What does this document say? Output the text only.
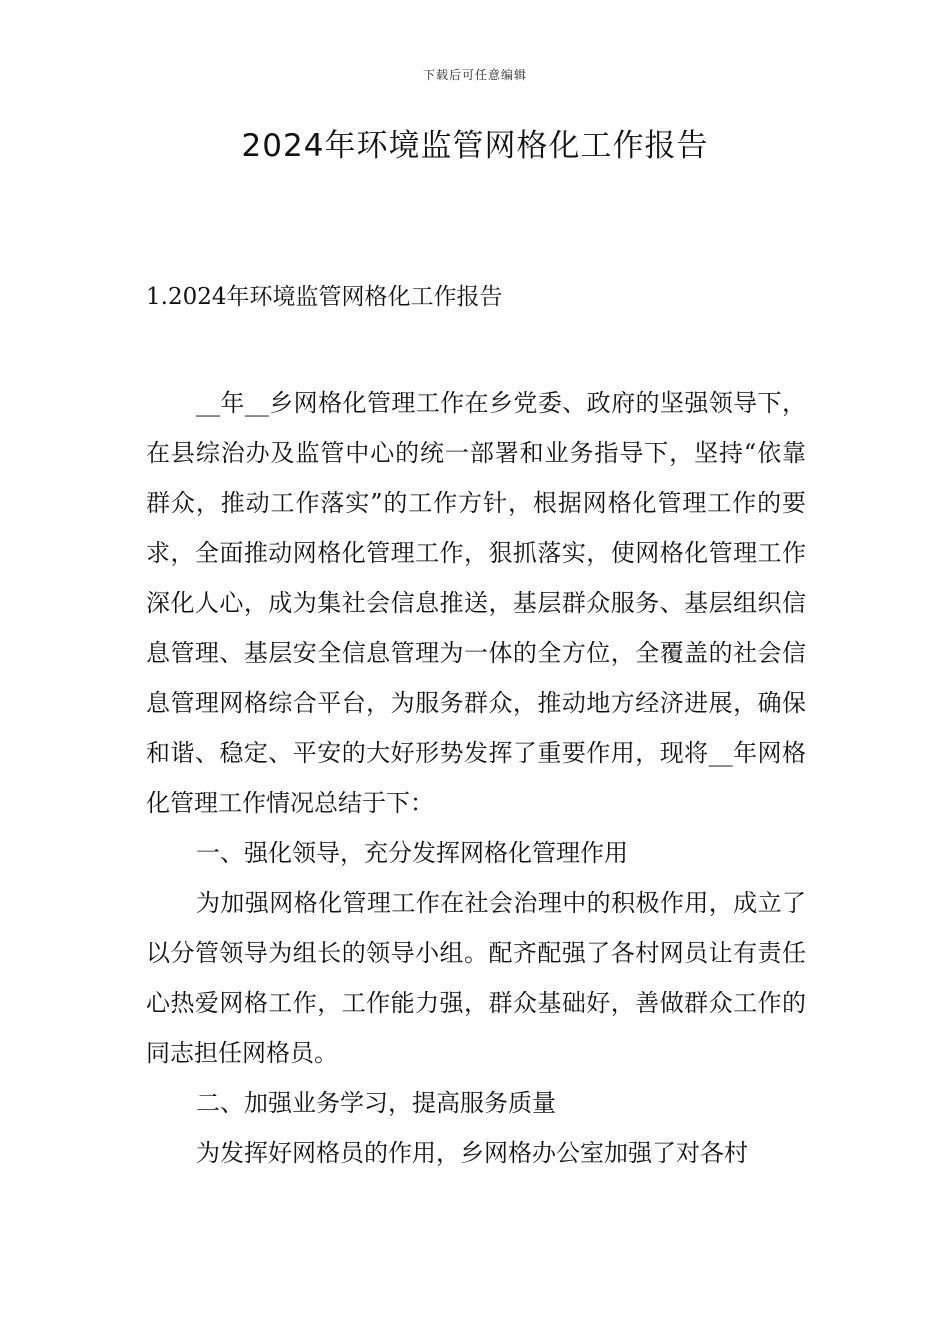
下载后可任意编辑
2024年环境监管网格化工作报告
1.2024年环境监管网格化工作报告

__年__乡网格化管理工作在乡党委、政府的坚强领导下，在县综治办及监管中心的统一部署和业务指导下，坚持“依靠群众，推动工作落实”的工作方针，根据网格化管理工作的要求，全面推动网格化管理工作，狠抓落实，使网格化管理工作深化人心，成为集社会信息推送，基层群众服务、基层组织信息管理、基层安全信息管理为一体的全方位，全覆盖的社会信息管理网格综合平台，为服务群众，推动地方经济进展，确保和谐、稳定、平安的大好形势发挥了重要作用，现将__年网格化管理工作情况总结于下：

一、强化领导，充分发挥网格化管理作用

为加强网格化管理工作在社会治理中的积极作用，成立了以分管领导为组长的领导小组。配齐配强了各村网员让有责任心热爱网格工作，工作能力强，群众基础好，善做群众工作的同志担任网格员。

二、加强业务学习，提高服务质量

为发挥好网格员的作用，乡网格办公室加强了对各村
